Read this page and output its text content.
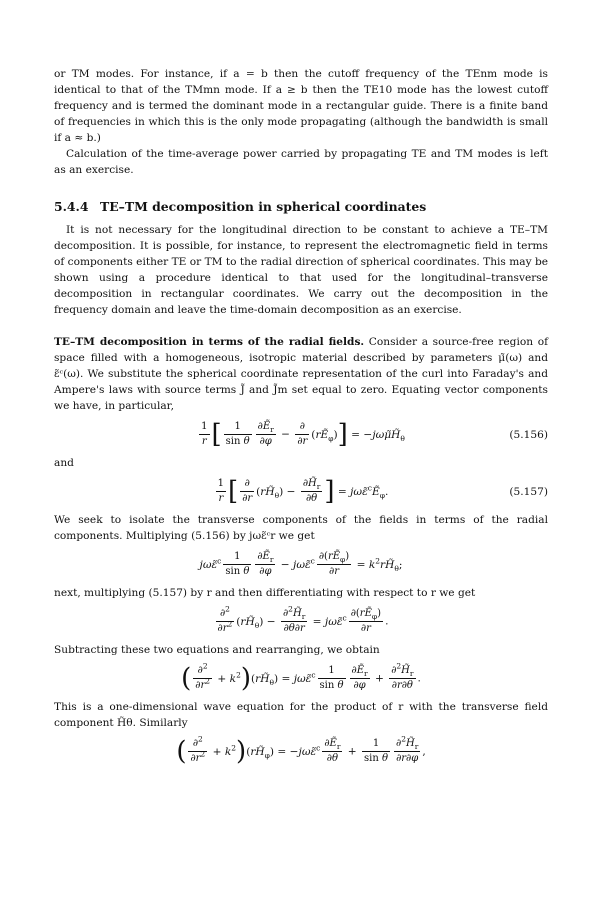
or TM modes. For instance, if a = b then the cutoff frequency of the TEnm mode is identical to that of the TMmn mode. If a ≥ b then the TE10 mode has the lowest cutoff frequency and is termed the dominant mode in a rectangular guide. There is a finite band of frequencies in which this is the only mode propagating (although the bandwidth is small if a ≈ b.)

Calculation of the time-average power carried by propagating TE and TM modes is left as an exercise.

5.4.4 TE–TM decomposition in spherical coordinates

It is not necessary for the longitudinal direction to be constant to achieve a TE–TM decomposition. It is possible, for instance, to represent the electromagnetic field in terms of components either TE or TM to the radial direction of spherical coordinates. This may be shown using a procedure identical to that used for the longitudinal–transverse decomposition in rectangular coordinates. We carry out the decomposition in the frequency domain and leave the time-domain decomposition as an exercise.

TE–TM decomposition in terms of the radial fields. Consider a source-free region of space filled with a homogeneous, isotropic material described by parameters μ̃(ω) and ε̃ᶜ(ω). We substitute the spherical coordinate representation of the curl into Faraday's and Ampere's laws with source terms J̃ and J̃m set equal to zero. Equating vector components we have, in particular,

$\frac{1}{r}$ [ $\frac{1}{\text{sin θ}} \frac{\partial Ẽ_r}{\partial\varphi} - \frac{\partial}{\partial r}$ (rẼ$_\varphi$)] = $-j\omega\mũH̃_\theta$	(5.156)

and

$\frac{1}{r}$ [ $\frac{\partial}{\partial r}$ $(rH̃_\theta) - \frac{\partial H̃_r}{\partial\theta}$ ] = jωε̃$^c$Ẽ$_\varphi$.	(5.157)

We seek to isolate the transverse components of the fields in terms of the radial components. Multiplying (5.156) by jωε̃ᶜr we get

jωε̃$^c$ $\frac{1}{\text{sin θ}} \frac{\partial Ẽ_r}{\partial\varphi}$ − jωε̃$^c$ $\frac{\partial(rẼ_\varphi)}{\partial r}$ = $k^2rH̃_\theta$;

next, multiplying (5.157) by r and then differentiating with respect to r we get

$\frac{\partial^2}{\partial r^2}$ $(rH̃_\theta) - \frac{\partial^2H̃_r}{\partial\theta\partial r}$ = jωε̃$^c$ $\frac{\partial(rẼ_\varphi)}{\partial r}$ .

Subtracting these two equations and rearranging, we obtain

( $\frac{\partial^2}{\partial r^2}$ + $k^2)(rH̃_\theta)$ = jωε̃$^c$ $\frac{1}{\text{sin θ}} \frac{\partial Ẽ_r}{\partial\varphi} + \frac{\partial^2H̃_r}{\partial r\partial\theta}$ .

This is a one-dimensional wave equation for the product of r with the transverse field component H̃θ. Similarly

( $\frac{\partial^2}{\partial r^2}$ + $k^2)(rH̃_\varphi)$ = −jωε̃$^c$ $\frac{\partial Ẽ_r}{\partial\theta} + \frac{1}{\text{sin θ}} \frac{\partial^2H̃_r}{\partial r\partial\varphi}$ ,
